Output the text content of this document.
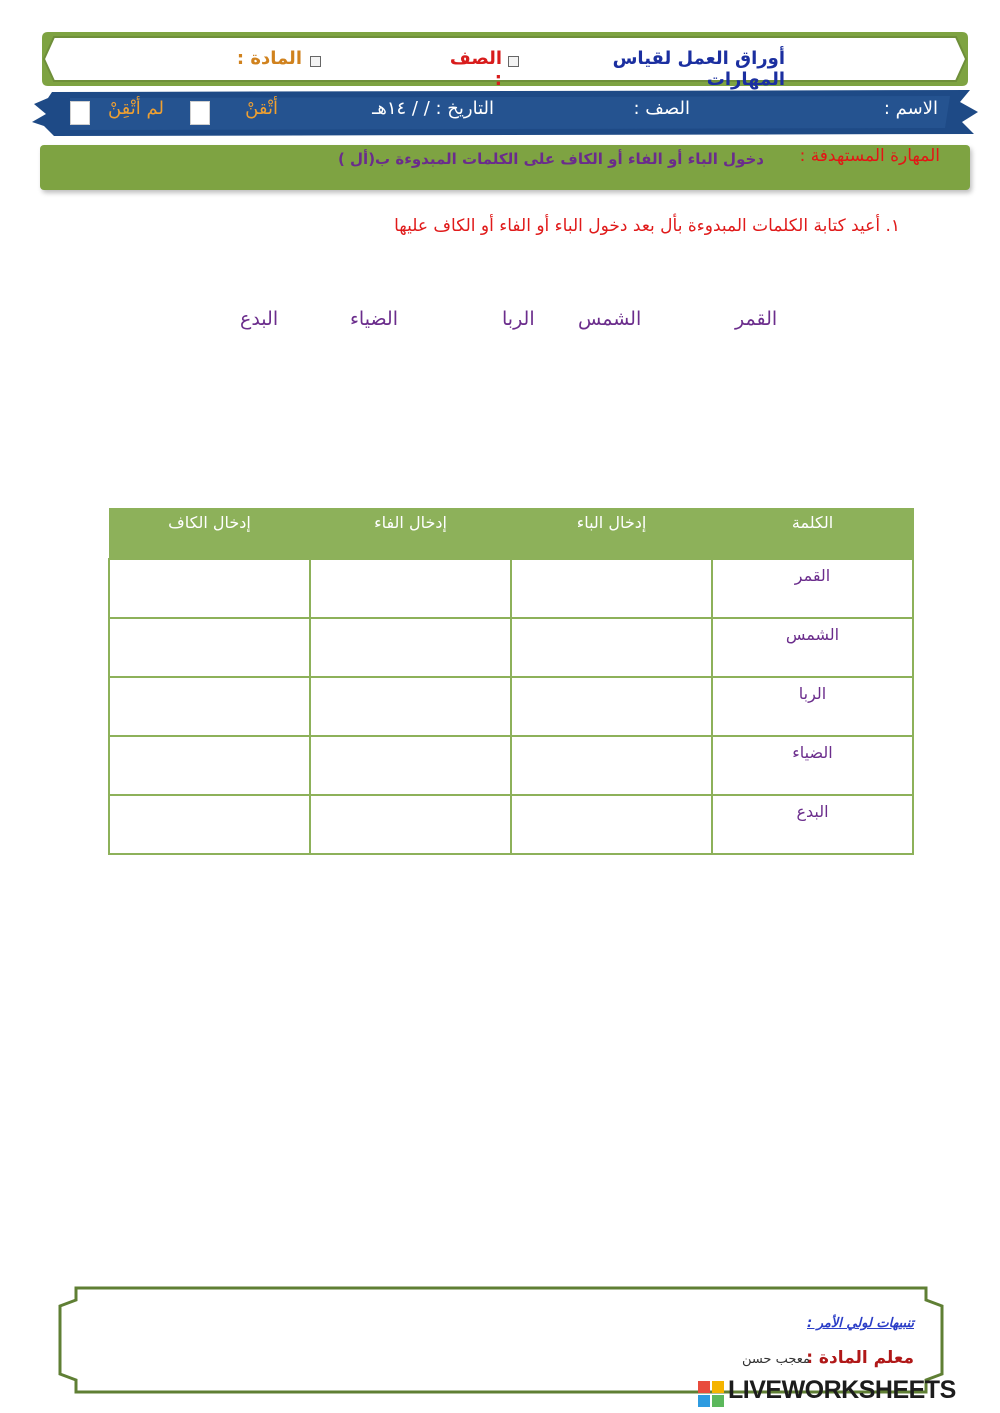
أوراق العمل لقياس المهارات
الصف :
المادة :
الاسم :
الصف :
التاريخ : / / ١٤هـ
أتْقنْ
لم أتْقِنْ
المهارة المستهدفة :
دخول الباء أو الفاء أو الكاف على الكلمات المبدوءة ب(أل )
١. أعيد كتابة الكلمات المبدوءة بأل بعد دخول الباء أو الفاء أو الكاف عليها
القمر
الشمس
الربا
الضياء
البدع
الكلمة	إدخال الباء	إدخال الفاء	إدخال الكاف
القمر			
الشمس			
الربا			
الضياء			
البدع			
تنبيهات لولي الأمر :
معلم المادة :
معجب حسن
LIVEWORKSHEETS
